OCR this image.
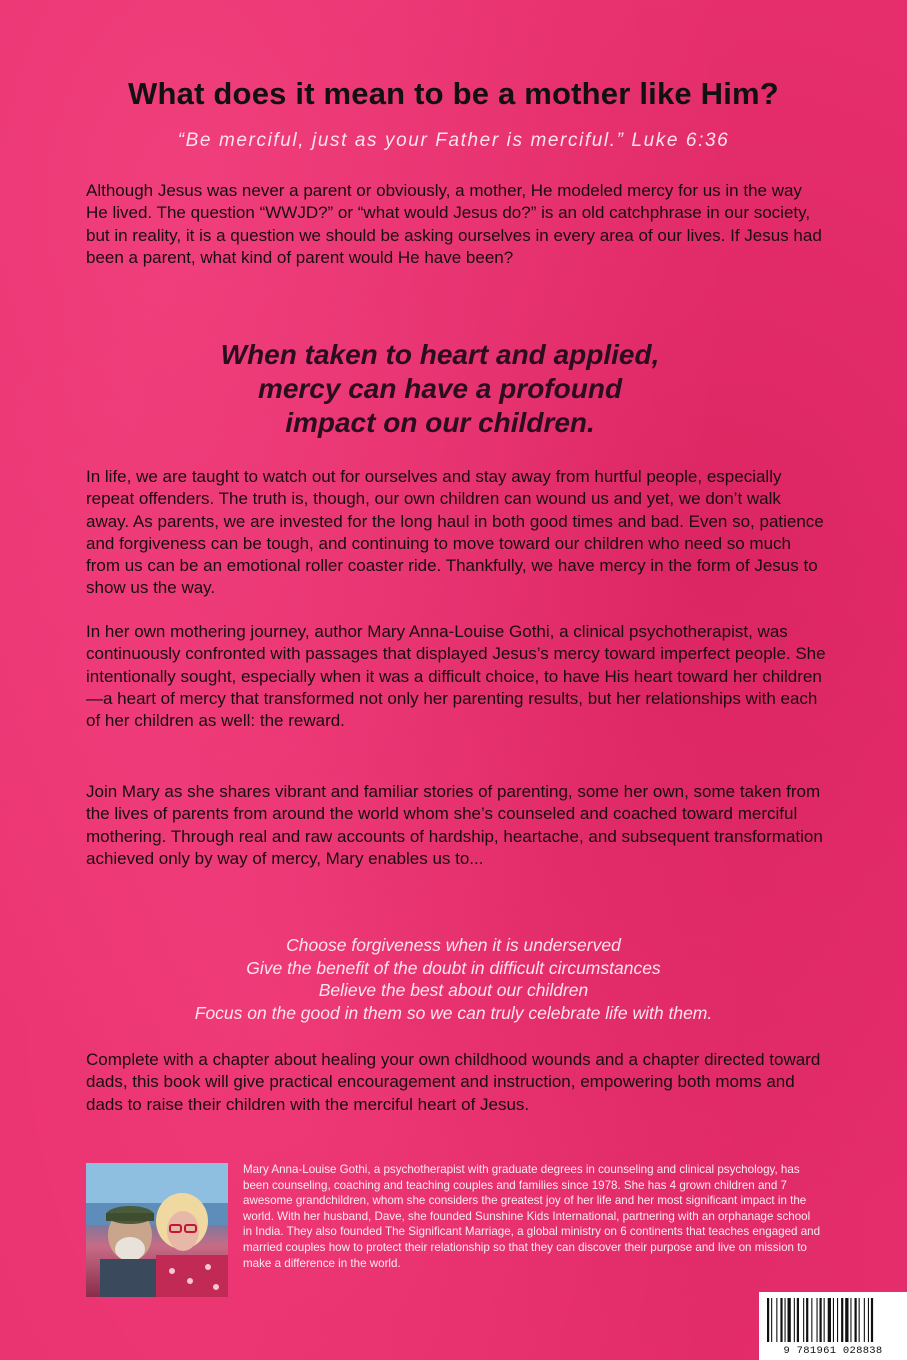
What does it mean to be a mother like Him?
“Be merciful, just as your Father is merciful.” Luke 6:36
Although Jesus was never a parent or obviously, a mother, He modeled mercy for us in the way He lived. The question “WWJD?” or “what would Jesus do?” is an old catchphrase in our society, but in reality, it is a question we should be asking ourselves in every area of our lives. If Jesus had been a parent, what kind of parent would He have been?
When taken to heart and applied,
mercy can have a profound
impact on our children.
In life, we are taught to watch out for ourselves and stay away from hurtful people, especially repeat offenders. The truth is, though, our own children can wound us and yet, we don’t walk away. As parents, we are invested for the long haul in both good times and bad. Even so, patience and forgiveness can be tough, and continuing to move toward our children who need so much from us can be an emotional roller coaster ride. Thankfully, we have mercy in the form of Jesus to show us the way.
In her own mothering journey, author Mary Anna-Louise Gothi, a clinical psychotherapist, was continuously confronted with passages that displayed Jesus’s mercy toward imperfect people. She intentionally sought, especially when it was a difficult choice, to have His heart toward her children—a heart of mercy that transformed not only her parenting results, but her relationships with each of her children as well: the reward.
Join Mary as she shares vibrant and familiar stories of parenting, some her own, some taken from the lives of parents from around the world whom she’s counseled and coached toward merciful mothering. Through real and raw accounts of hardship, heartache, and subsequent transformation achieved only by way of mercy, Mary enables us to...
Choose forgiveness when it is underserved
Give the benefit of the doubt in difficult circumstances
Believe the best about our children
Focus on the good in them so we can truly celebrate life with them.
Complete with a chapter about healing your own childhood wounds and a chapter directed toward dads, this book will give practical encouragement and instruction, empowering both moms and dads to raise their children with the merciful heart of Jesus.
Mary Anna-Louise Gothi, a psychotherapist with graduate degrees in counseling and clinical psychology, has been counseling, coaching and teaching couples and families since 1978. She has 4 grown children and 7 awesome grandchildren, whom she considers the greatest joy of her life and her most significant impact in the world. With her husband, Dave, she founded Sunshine Kids International, partnering with an orphanage school in India. They also founded The Significant Marriage, a global ministry on 6 continents that teaches engaged and married couples how to protect their relationship so that they can discover their purpose and live on mission to make a difference in the world.
9 781961 028838
